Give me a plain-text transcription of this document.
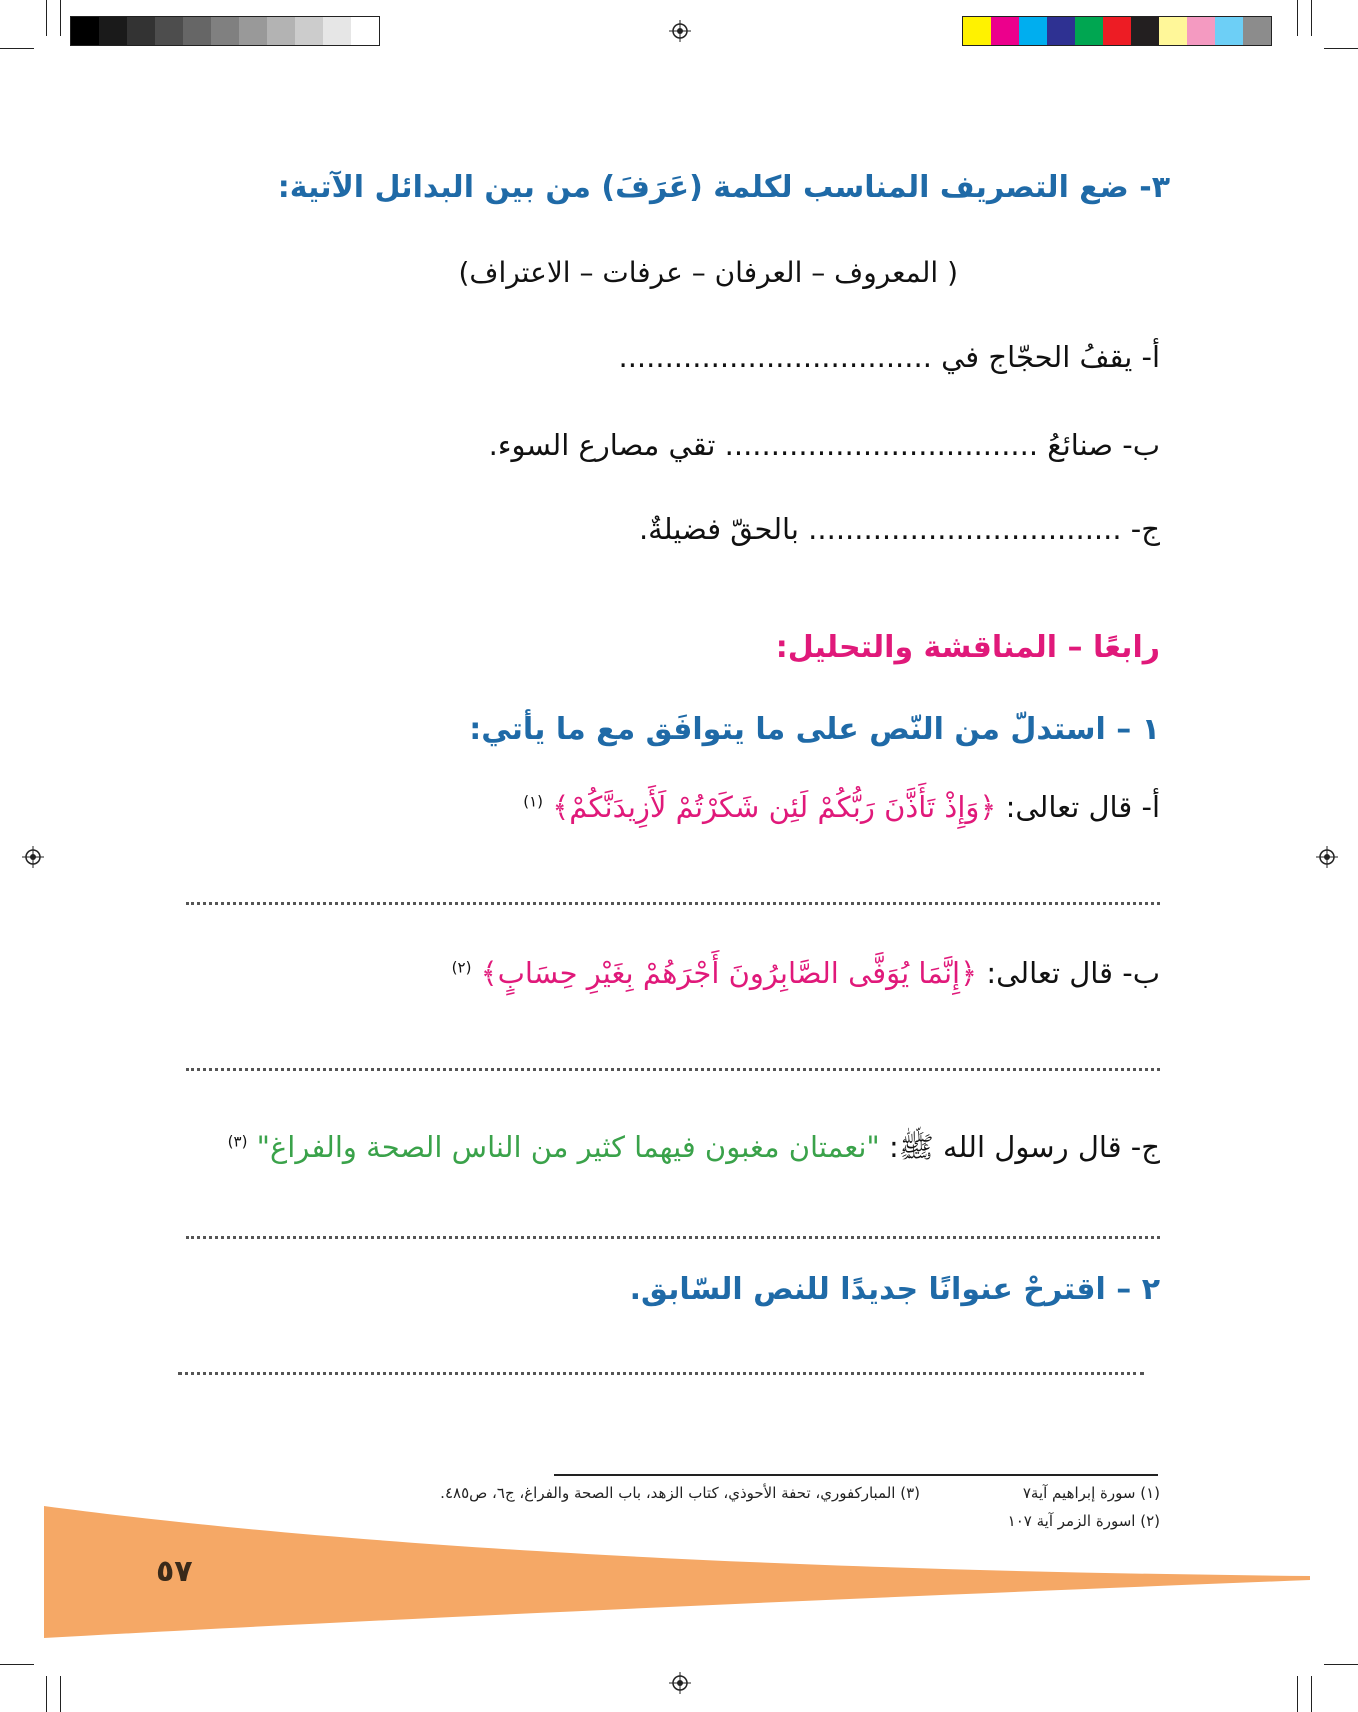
٣- ضع التصريف المناسب لكلمة (عَرَفَ) من بين البدائل الآتية:
( المعروف – العرفان – عرفات – الاعتراف)
أ- يقفُ الحجّاج في ..................................
ب- صنائعُ .................................. تقي مصارع السوء.
ج- .................................. بالحقّ فضيلةٌ.
رابعًا – المناقشة والتحليل:
١ – استدلّ من النّص على ما يتوافَق مع ما يأتي:
أ- قال تعالى: ﴿وَإِذْ تَأَذَّنَ رَبُّكُمْ لَئِن شَكَرْتُمْ لَأَزِيدَنَّكُمْ﴾ $^{(١)}$
ب- قال تعالى: ﴿إِنَّمَا يُوَفَّى الصَّابِرُونَ أَجْرَهُمْ بِغَيْرِ حِسَابٍ﴾ $^{(٢)}$
ج- قال رسول الله ﷺ: "نعمتان مغبون فيهما كثير من الناس الصحة والفراغ" $^{(٣)}$
٢ – اقترحْ عنوانًا جديدًا للنص السّابق.
(١) سورة إبراهيم آية٧
(٢) اسورة الزمر آية ١٠٧
(٣) المباركفوري، تحفة الأحوذي، كتاب الزهد، باب الصحة والفراغ، ج٦، ص٤٨٥.
٥٧
